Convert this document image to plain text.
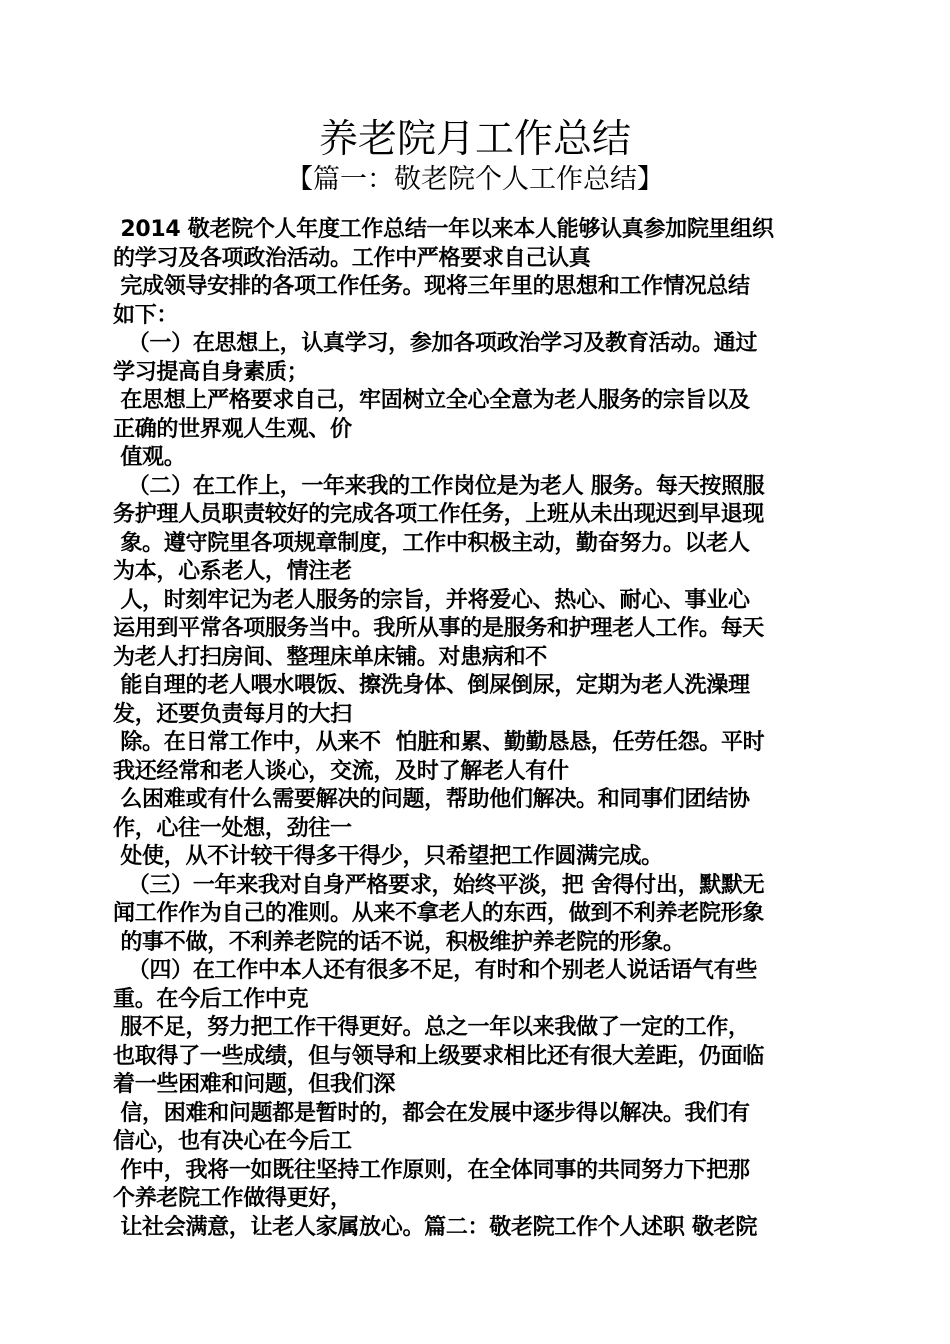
养老院月工作总结
【篇一：敬老院个人工作总结】
2014 敬老院个人年度工作总结一年以来本人能够认真参加院里组织
的学习及各项政治活动。工作中严格要求自己认真
完成领导安排的各项工作任务。现将三年里的思想和工作情况总结
如下：
（一）在思想上，认真学习，参加各项政治学习及教育活动。通过
学习提高自身素质；
在思想上严格要求自己，牢固树立全心全意为老人服务的宗旨以及
正确的世界观人生观、价
值观。
（二）在工作上，一年来我的工作岗位是为老人 服务。每天按照服
务护理人员职责较好的完成各项工作任务，上班从未出现迟到早退现
象。遵守院里各项规章制度，工作中积极主动，勤奋努力。以老人
为本，心系老人，情注老
人，时刻牢记为老人服务的宗旨，并将爱心、热心、耐心、事业心
运用到平常各项服务当中。我所从事的是服务和护理老人工作。每天
为老人打扫房间、整理床单床铺。对患病和不
能自理的老人喂水喂饭、擦洗身体、倒屎倒尿，定期为老人洗澡理
发，还要负责每月的大扫
除。在日常工作中，从来不  怕脏和累、勤勤恳恳，任劳任怨。平时
我还经常和老人谈心，交流，及时了解老人有什
么困难或有什么需要解决的问题，帮助他们解决。和同事们团结协
作，心往一处想，劲往一
处使，从不计较干得多干得少，只希望把工作圆满完成。
（三）一年来我对自身严格要求，始终平淡，把 舍得付出，默默无
闻工作作为自己的准则。从来不拿老人的东西，做到不利养老院形象
的事不做，不利养老院的话不说，积极维护养老院的形象。
（四）在工作中本人还有很多不足，有时和个别老人说话语气有些
重。在今后工作中克
服不足，努力把工作干得更好。总之一年以来我做了一定的工作，
也取得了一些成绩，但与领导和上级要求相比还有很大差距，仍面临
着一些困难和问题，但我们深
信，困难和问题都是暂时的，都会在发展中逐步得以解决。我们有
信心，也有决心在今后工
作中，我将一如既往坚持工作原则，在全体同事的共同努力下把那
个养老院工作做得更好，
让社会满意，让老人家属放心。篇二：敬老院工作个人述职 敬老院
